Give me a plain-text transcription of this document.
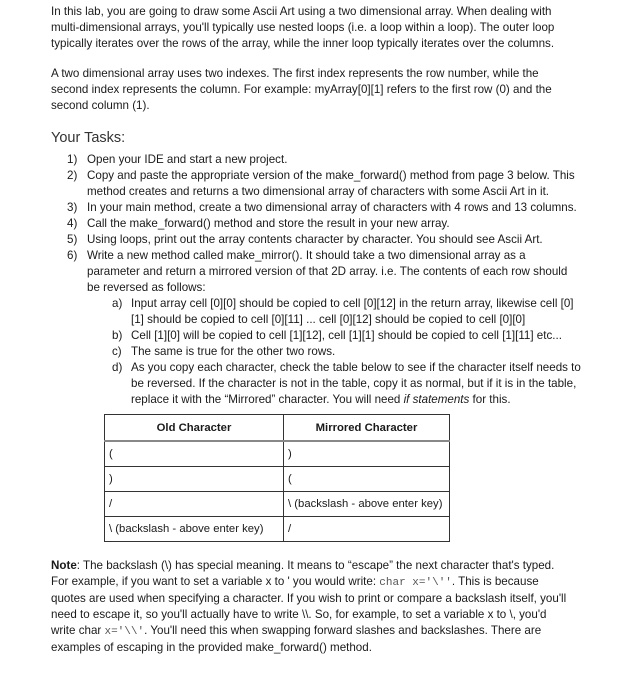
In this lab, you are going to draw some Ascii Art using a two dimensional array. When dealing with multi-dimensional arrays, you'll typically use nested loops (i.e. a loop within a loop). The outer loop typically iterates over the rows of the array, while the inner loop typically iterates over the columns.

A two dimensional array uses two indexes. The first index represents the row number, while the second index represents the column. For example: myArray[0][1] refers to the first row (0) and the second column (1).

Your Tasks:
1) Open your IDE and start a new project.
2) Copy and paste the appropriate version of the make_forward() method from page 3 below. This method creates and returns a two dimensional array of characters with some Ascii Art in it.
3) In your main method, create a two dimensional array of characters with 4 rows and 13 columns.
4) Call the make_forward() method and store the result in your new array.
5) Using loops, print out the array contents character by character. You should see Ascii Art.
6) Write a new method called make_mirror(). It should take a two dimensional array as a parameter and return a mirrored version of that 2D array. i.e. The contents of each row should be reversed as follows:
a) Input array cell [0][0] should be copied to cell [0][12] in the return array, likewise cell [0][1] should be copied to cell [0][11] ... cell [0][12] should be copied to cell [0][0]
b) Cell [1][0] will be copied to cell [1][12], cell [1][1] should be copied to cell [1][11] etc...
c) The same is true for the other two rows.
d) As you copy each character, check the table below to see if the character itself needs to be reversed. If the character is not in the table, copy it as normal, but if it is in the table, replace it with the “Mirrored” character. You will need if statements for this.
Old Character	Mirrored Character
(	)
)	(
/	\ (backslash - above enter key)
\ (backslash - above enter key)	/

Note: The backslash (\) has special meaning. It means to “escape” the next character that's typed. For example, if you want to set a variable x to ' you would write: char x='\''. This is because quotes are used when specifying a character. If you wish to print or compare a backslash itself, you'll need to escape it, so you'll actually have to write \\. So, for example, to set a variable x to \, you'd write char x='\\'. You'll need this when swapping forward slashes and backslashes. There are examples of escaping in the provided make_forward() method.
